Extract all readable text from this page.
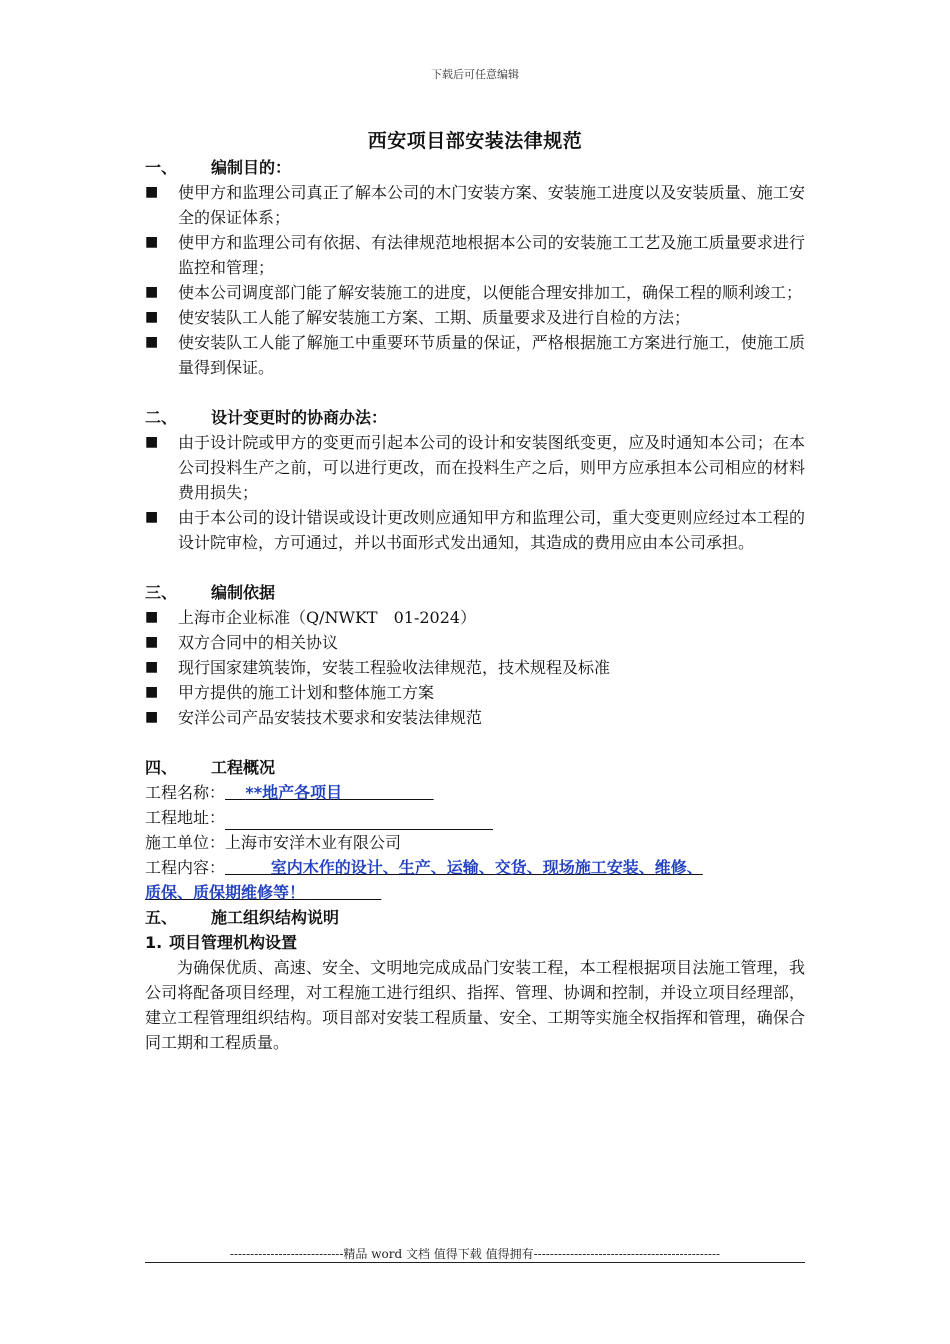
下载后可任意编辑
西安项目部安装法律规范
一、 编制目的：
■ 使甲方和监理公司真正了解本公司的木门安装方案、安装施工进度以及安装质量、施工安全的保证体系；
■ 使甲方和监理公司有依据、有法律规范地根据本公司的安装施工工艺及施工质量要求进行监控和管理；
■ 使本公司调度部门能了解安装施工的进度，以便能合理安排加工，确保工程的顺利竣工；
■ 使安装队工人能了解安装施工方案、工期、质量要求及进行自检的方法；
■ 使安装队工人能了解施工中重要环节质量的保证，严格根据施工方案进行施工，使施工质量得到保证。
二、 设计变更时的协商办法：
■ 由于设计院或甲方的变更而引起本公司的设计和安装图纸变更，应及时通知本公司；在本公司投料生产之前，可以进行更改，而在投料生产之后，则甲方应承担本公司相应的材料费用损失；
■ 由于本公司的设计错误或设计更改则应通知甲方和监理公司，重大变更则应经过本工程的设计院审检，方可通过，并以书面形式发出通知，其造成的费用应由本公司承担。
三、 编制依据
■ 上海市企业标准（Q/NWKT　01-2024）
■ 双方合同中的相关协议
■ 现行国家建筑装饰，安装工程验收法律规范，技术规程及标准
■ 甲方提供的施工计划和整体施工方案
■ 安洋公司产品安装技术要求和安装法律规范
四、 工程概况
工程名称： **地产各项目
工程地址：
施工单位：上海市安洋木业有限公司
工程内容：	室内木作的设计、生产、运输、交货、现场施工安装、维修、
质保、质保期维修等！
五、 施工组织结构说明
1. 项目管理机构设置
为确保优质、高速、安全、文明地完成成品门安装工程，本工程根据项目法施工管理，我公司将配备项目经理，对工程施工进行组织、指挥、管理、协调和控制，并设立项目经理部，建立工程管理组织结构。项目部对安装工程质量、安全、工期等实施全权指挥和管理，确保合同工期和工程质量。
----------------------------精品 word 文档 值得下载 值得拥有----------------------------------------------
